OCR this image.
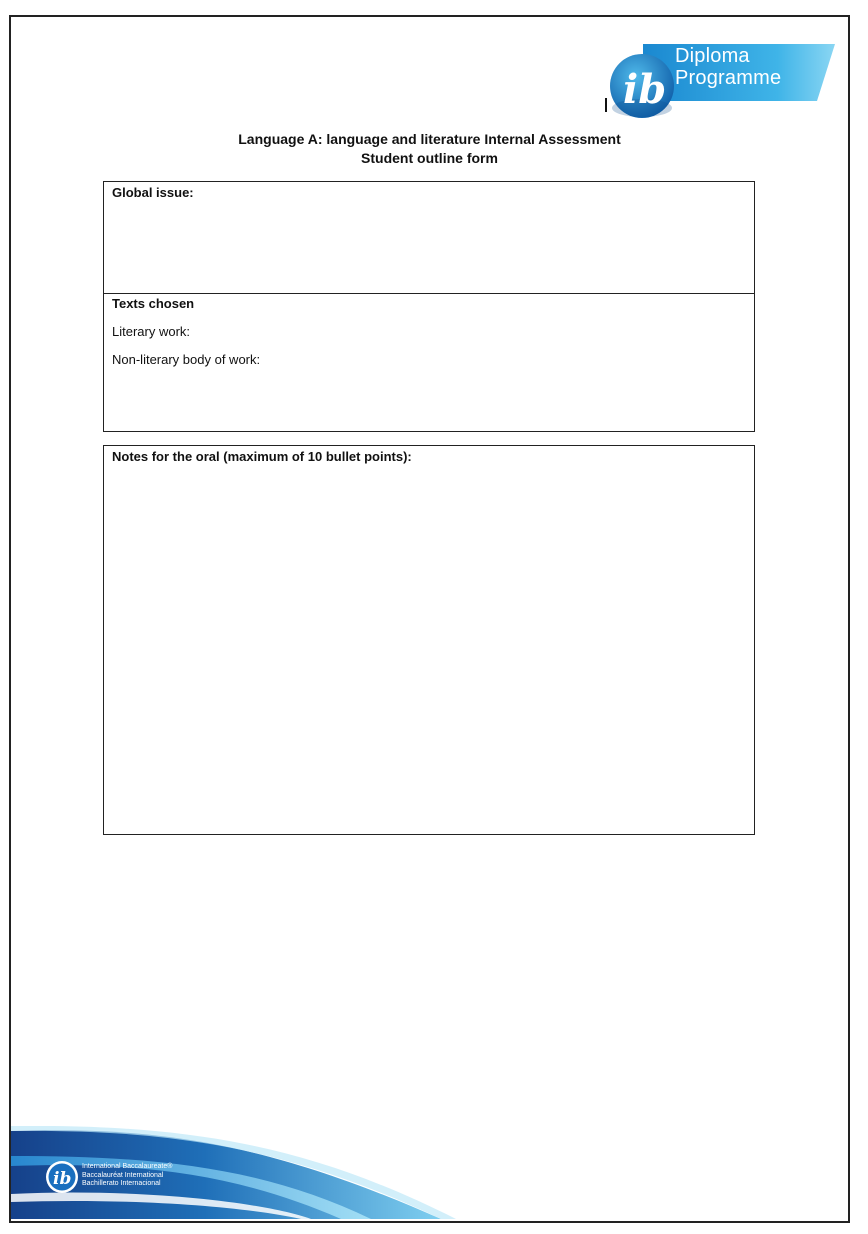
ib
Diploma
Programme
Language A: language and literature Internal Assessment
Student outline form
Global issue:
Texts chosen
Literary work:
Non-literary body of work:
Notes for the oral (maximum of 10 bullet points):
ib
International Baccalaureate®
Baccalauréat International
Bachillerato Internacional
